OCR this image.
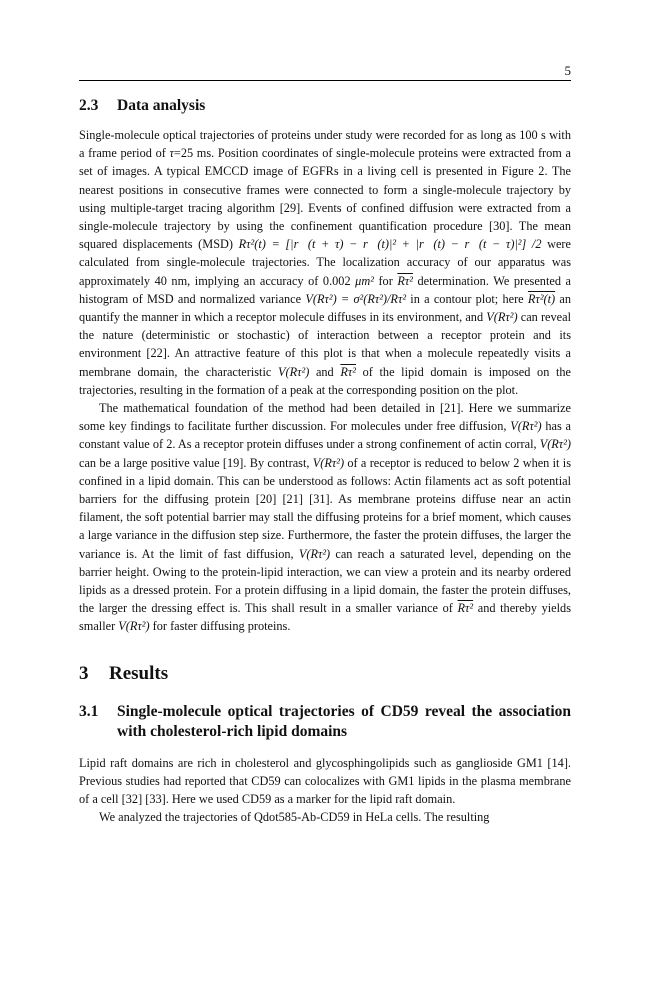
5
2.3 Data analysis

Single-molecule optical trajectories of proteins under study were recorded for as long as 100 s with a frame period of τ=25 ms. Position coordinates of single-molecule proteins were extracted from a set of images. A typical EMCCD image of EGFRs in a living cell is presented in Figure 2. The nearest positions in consecutive frames were connected to form a single-molecule trajectory by using multiple-target tracing algorithm [29]. Events of confined diffusion were extracted from a single-molecule trajectory by using the confinement quantification procedure [30]. The mean squared displacements (MSD) Rτ²(t) = [|r⃗(t + τ) − r⃗(t)|² + |r⃗(t) − r⃗(t − τ)|²] /2 were calculated from single-molecule trajectories. The localization accuracy of our apparatus was approximately 40 nm, implying an accuracy of 0.002 μm² for Rτ² determination. We presented a histogram of MSD and normalized variance V(Rτ²) = σ²(Rτ²)/Rτ² in a contour plot; here Rτ²(t) an quantify the manner in which a receptor molecule diffuses in its environment, and V(Rτ²) can reveal the nature (deterministic or stochastic) of interaction between a receptor protein and its environment [22]. An attractive feature of this plot is that when a molecule repeatedly visits a membrane domain, the characteristic V(Rτ²) and Rτ² of the lipid domain is imposed on the trajectories, resulting in the formation of a peak at the corresponding position on the plot.

The mathematical foundation of the method had been detailed in [21]. Here we summarize some key findings to facilitate further discussion. For molecules under free diffusion, V(Rτ²) has a constant value of 2. As a receptor protein diffuses under a strong confinement of actin corral, V(Rτ²) can be a large positive value [19]. By contrast, V(Rτ²) of a receptor is reduced to below 2 when it is confined in a lipid domain. This can be understood as follows: Actin filaments act as soft potential barriers for the diffusing protein [20] [21] [31]. As membrane proteins diffuse near an actin filament, the soft potential barrier may stall the diffusing proteins for a brief moment, which causes a large variance in the diffusion step size. Furthermore, the faster the protein diffuses, the larger the variance is. At the limit of fast diffusion, V(Rτ²) can reach a saturated level, depending on the barrier height. Owing to the protein-lipid interaction, we can view a protein and its nearby ordered lipids as a dressed protein. For a protein diffusing in a lipid domain, the faster the protein diffuses, the larger the dressing effect is. This shall result in a smaller variance of Rτ² and thereby yields smaller V(Rτ²) for faster diffusing proteins.

3 Results
3.1	Single-molecule optical trajectories of CD59 reveal the association with cholesterol-rich lipid domains

Lipid raft domains are rich in cholesterol and glycosphingolipids such as ganglioside GM1 [14]. Previous studies had reported that CD59 can colocalizes with GM1 lipids in the plasma membrane of a cell [32] [33]. Here we used CD59 as a marker for the lipid raft domain.

We analyzed the trajectories of Qdot585-Ab-CD59 in HeLa cells. The resulting
